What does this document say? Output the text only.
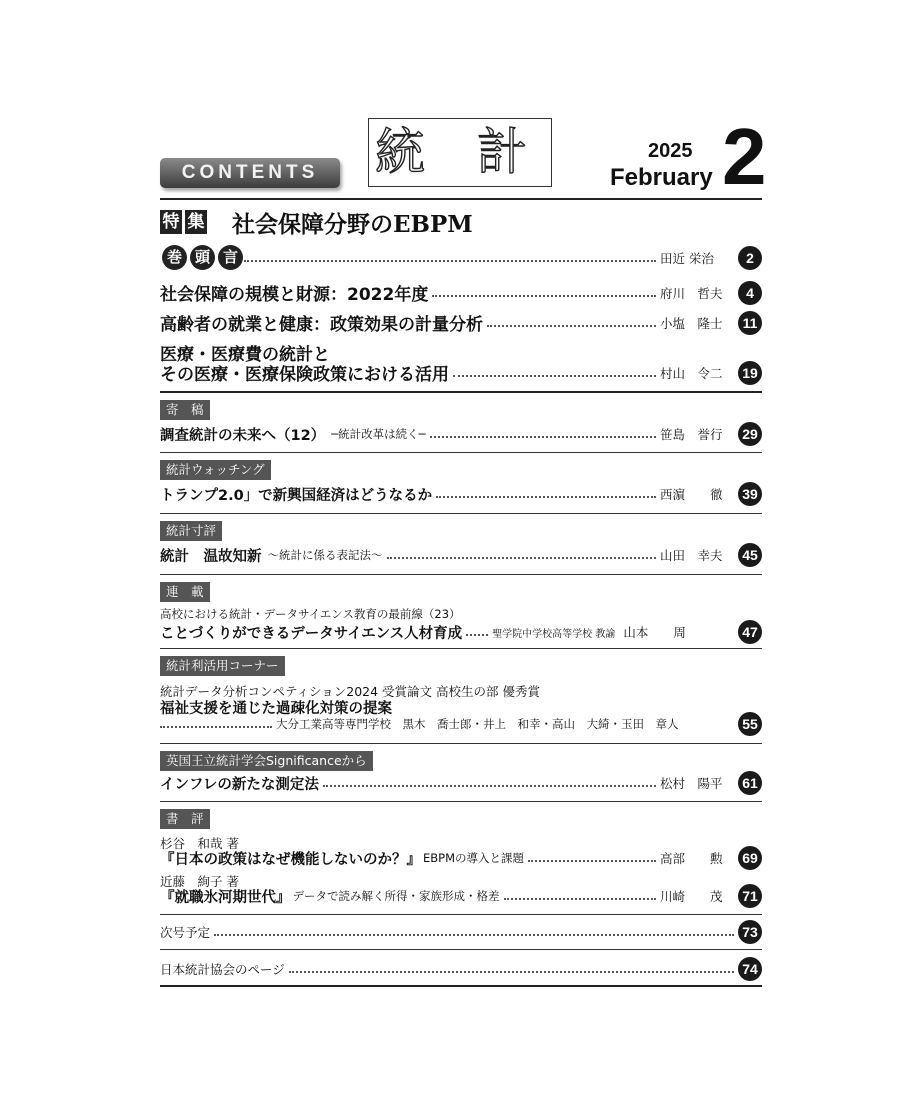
CONTENTS	統 計	2025
February 2
特 集 社会保障分野のEBPM
巻 頭 言	田近 栄治	2
社会保障の規模と財源：2022年度	府川　哲夫	4
高齢者の就業と健康：政策効果の計量分析	小塩　隆士	11
医療・医療費の統計と
その医療・医療保険政策における活用	村山　令二	19
寄　稿
調査統計の未来へ（12） ─統計改革は続く─	笹島　誉行	29
統計ウォッチング
トランプ2.0」で新興国経済はどうなるか	西濵　　徹	39
統計寸評
統計　温故知新 ～統計に係る表記法～	山田　幸夫	45
連　載
高校における統計・データサイエンス教育の最前線（23）
ことづくりができるデータサイエンス人材育成	聖学院中学校高等学校 教諭 山本　　周	47
統計利活用コーナー
統計データ分析コンペティション2024 受賞論文 高校生の部 優秀賞
福祉支援を通じた過疎化対策の提案
大分工業高等専門学校　黒木　喬士郎・井上　和幸・高山　大綺・玉田　章人	55
英国王立統計学会Significanceから
インフレの新たな測定法	松村　陽平	61
書　評
杉谷　和哉 著
『日本の政策はなぜ機能しないのか？』 EBPMの導入と課題	高部　　勲	69
近藤　絢子 著
『就職氷河期世代』 データで読み解く所得・家族形成・格差	川崎　　茂	71
次号予定	73
日本統計協会のページ	74
